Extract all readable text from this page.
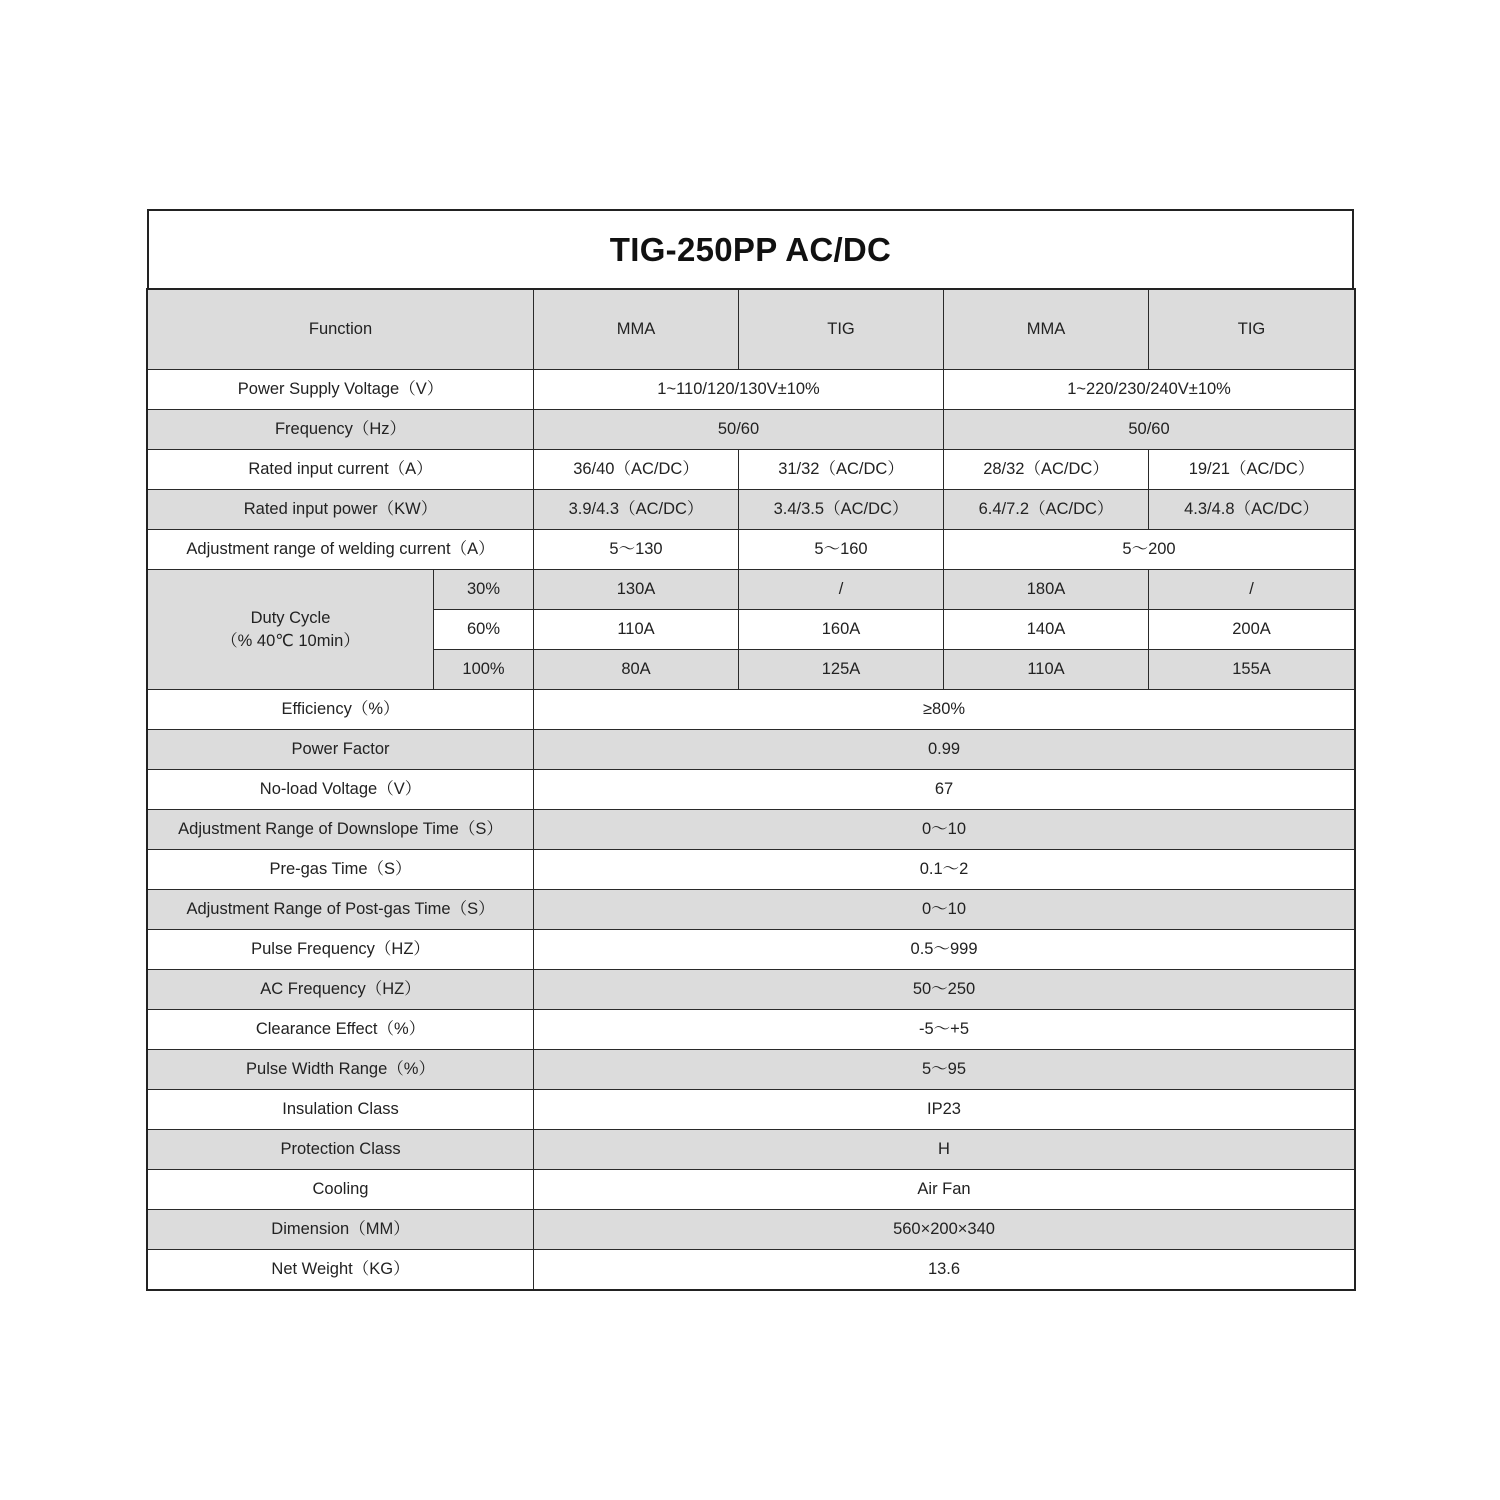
TIG-250PP AC/DC
Function		MMA	TIG	MMA	TIG
Power Supply Voltage（V）		1~110/120/130V±10%		1~220/230/240V±10%	
Frequency（Hz）		50/60		50/60	
Rated input current（A）		36/40（AC/DC）	31/32（AC/DC）	28/32（AC/DC）	19/21（AC/DC）
Rated input power（KW）		3.9/4.3（AC/DC）	3.4/3.5（AC/DC）	6.4/7.2（AC/DC）	4.3/4.8（AC/DC）
Adjustment range of welding current（A）		5～130	5～160	5～200	

Duty Cycle
（% 40℃ 10min）	30%	130A	/	180A	/
	60%	110A	160A	140A	200A
	100%	80A	125A	110A	155A
Efficiency（%）		≥80%			
Power Factor		0.99			
No-load Voltage（V）		67			
Adjustment Range of Downslope Time（S）		0～10			
Pre-gas Time（S）		0.1～2			
Adjustment Range of Post-gas Time（S）		0～10			
Pulse Frequency（HZ）		0.5～999			
AC Frequency（HZ）		50～250			
Clearance Effect（%）		-5～+5			
Pulse Width Range（%）		5～95			
Insulation Class		IP23			
Protection Class		H			
Cooling		Air Fan			
Dimension（MM）		560×200×340			
Net Weight（KG）		13.6			
